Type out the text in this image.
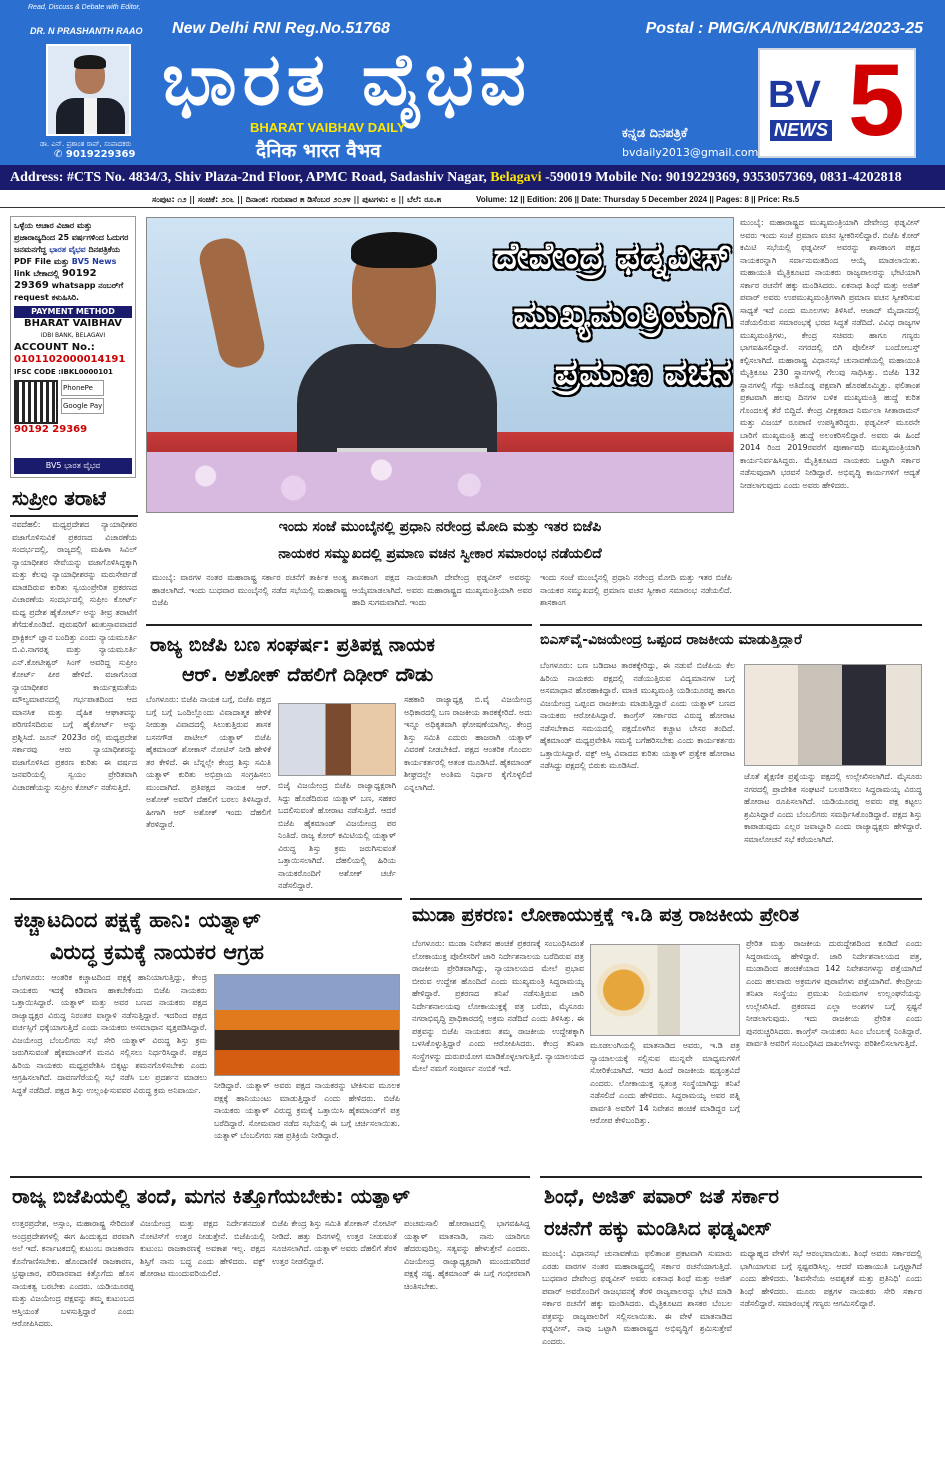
Read, Discuss & Debate with Editor,
DR. N PRASHANTH RAAO
ಡಾ. ಎನ್. ಪ್ರಶಾಂತ ರಾವ್, ಸಂಪಾದಕರು
✆ 9019229369
New Delhi RNI Reg.No.51768	Postal : PMG/KA/NK/BM/124/2023-25
ಭಾರತ ವೈಭವ
BHARAT VAIBHAV DAILY
दैनिक भारत वैभव
ಕನ್ನಡ ದಿನಪತ್ರಿಕೆ
bvdaily2013@gmail.com
BV 5
NEWS
Address: #CTS No. 4834/3, Shiv Plaza-2nd Floor, APMC Road, Sadashiv Nagar, Belagavi -590019 Mobile No: 9019229369, 9353057369, 0831-4202818
ಸಂಪುಟ: ೧೨ || ಸಂಚಿಕೆ: ೨೦೬ || ದಿನಾಂಕ: ಗುರುವಾರ ೫ ಡಿಸೆಂಬರ ೨೦೨೪ || ಪುಟಗಳು: ೮ || ಬೆಲೆ: ರೂ.೫	Volume: 12 || Edition: 206 || Date: Thursday 5 December 2024 || Pages: 8 || Price: Rs.5
ಒಳ್ಳೆಯ ಆಚಾರ ವಿಚಾರ ಮತ್ತು ಪ್ರಜಾರಾಜ್ಯದಿಂದ 25 ವರ್ಷಗಳಿಂದ ಓದುಗರ ಜನಮನಗೆದ್ದ ಭಾರತ ವೈಭವ ದಿನಪತ್ರಿಕೆಯ PDF File ಮತ್ತು BV5 News link ಬೇಕಾದಲ್ಲಿ 90192 29369 whatsapp ನಂಬರ್‌ಗೆ request ಕಳುಹಿಸಿರಿ.
PAYMENT METHOD
BHARAT VAIBHAV
IDBI BANK, BELAGAVI
ACCOUNT No.:
0101102000014191
IFSC CODE :IBKL0000101
PhonePe
Google Pay
90192 29369
BV5 ಭಾರತ ವೈಭವ
ದೇವೇಂದ್ರ ಫಡ್ನವೀಸ್
ಮುಖ್ಯಮಂತ್ರಿಯಾಗಿ
ಪ್ರಮಾಣ ವಚನ
ಇಂದು ಸಂಜೆ ಮುಂಬೈನಲ್ಲಿ ಪ್ರಧಾನಿ ನರೇಂದ್ರ ಮೋದಿ ಮತ್ತು ಇತರ ಬಿಜೆಪಿ
ನಾಯಕರ ಸಮ್ಮುಖದಲ್ಲಿ ಪ್ರಮಾಣ ವಚನ ಸ್ವೀಕಾರ ಸಮಾರಂಭ ನಡೆಯಲಿದೆ
ಮುಂಬೈ: ಮಹಾರಾಷ್ಟ್ರದ ಮುಖ್ಯಮಂತ್ರಿಯಾಗಿ ದೇವೇಂದ್ರ ಫಡ್ನವೀಸ್ ಅವರು ಇಂದು ಸಂಜೆ ಪ್ರಮಾಣ ವಚನ ಸ್ವೀಕರಿಸಲಿದ್ದಾರೆ. ಬಿಜೆಪಿ ಕೋರ್ ಕಮಿಟಿ ಸಭೆಯಲ್ಲಿ ಫಡ್ನವೀಸ್ ಅವರನ್ನು ಶಾಸಕಾಂಗ ಪಕ್ಷದ ನಾಯಕರನ್ನಾಗಿ ಸರ್ವಾನುಮತದಿಂದ ಆಯ್ಕೆ ಮಾಡಲಾಯಿತು. ಮಹಾಯುತಿ ಮೈತ್ರಿಕೂಟದ ನಾಯಕರು ರಾಜ್ಯಪಾಲರನ್ನು ಭೇಟಿಯಾಗಿ ಸರ್ಕಾರ ರಚನೆಗೆ ಹಕ್ಕು ಮಂಡಿಸಿದರು. ಏಕನಾಥ ಶಿಂಧೆ ಮತ್ತು ಅಜಿತ್ ಪವಾರ್ ಅವರು ಉಪಮುಖ್ಯಮಂತ್ರಿಗಳಾಗಿ ಪ್ರಮಾಣ ವಚನ ಸ್ವೀಕರಿಸುವ ಸಾಧ್ಯತೆ ಇದೆ ಎಂದು ಮೂಲಗಳು ತಿಳಿಸಿವೆ. ಆಜಾದ್ ಮೈದಾನದಲ್ಲಿ ನಡೆಯಲಿರುವ ಸಮಾರಂಭಕ್ಕೆ ಭರದ ಸಿದ್ಧತೆ ನಡೆದಿದೆ. ವಿವಿಧ ರಾಜ್ಯಗಳ ಮುಖ್ಯಮಂತ್ರಿಗಳು, ಕೇಂದ್ರ ಸಚಿವರು ಹಾಗೂ ಗಣ್ಯರು ಭಾಗವಹಿಸಲಿದ್ದಾರೆ. ನಗರದಲ್ಲಿ ಬಿಗಿ ಪೊಲೀಸ್ ಬಂದೋಬಸ್ತ್ ಕಲ್ಪಿಸಲಾಗಿದೆ. ಮಹಾರಾಷ್ಟ್ರ ವಿಧಾನಸಭೆ ಚುನಾವಣೆಯಲ್ಲಿ ಮಹಾಯುತಿ ಮೈತ್ರಿಕೂಟ 230 ಸ್ಥಾನಗಳಲ್ಲಿ ಗೆಲುವು ಸಾಧಿಸಿತ್ತು. ಬಿಜೆಪಿ 132 ಸ್ಥಾನಗಳಲ್ಲಿ ಗೆದ್ದು ಅತಿದೊಡ್ಡ ಪಕ್ಷವಾಗಿ ಹೊರಹೊಮ್ಮಿತ್ತು. ಫಲಿತಾಂಶ ಪ್ರಕಟವಾಗಿ ಹಲವು ದಿನಗಳ ಬಳಿಕ ಮುಖ್ಯಮಂತ್ರಿ ಹುದ್ದೆ ಕುರಿತ ಗೊಂದಲಕ್ಕೆ ತೆರೆ ಬಿದ್ದಿದೆ. ಕೇಂದ್ರ ವೀಕ್ಷಕರಾದ ನಿರ್ಮಲಾ ಸೀತಾರಾಮನ್ ಮತ್ತು ವಿಜಯ್ ರೂಪಾಣಿ ಉಪಸ್ಥಿತರಿದ್ದರು. ಫಡ್ನವೀಸ್ ಮೂರನೇ ಬಾರಿಗೆ ಮುಖ್ಯಮಂತ್ರಿ ಹುದ್ದೆ ಅಲಂಕರಿಸಲಿದ್ದಾರೆ. ಅವರು ಈ ಹಿಂದೆ 2014 ರಿಂದ 2019ರವರೆಗೆ ಪೂರ್ಣಾವಧಿ ಮುಖ್ಯಮಂತ್ರಿಯಾಗಿ ಕಾರ್ಯನಿರ್ವಹಿಸಿದ್ದರು. ಮೈತ್ರಿಕೂಟದ ನಾಯಕರು ಒಟ್ಟಾಗಿ ಸರ್ಕಾರ ನಡೆಸುವುದಾಗಿ ಭರವಸೆ ನೀಡಿದ್ದಾರೆ. ಅಭಿವೃದ್ಧಿ ಕಾರ್ಯಗಳಿಗೆ ಆದ್ಯತೆ ನೀಡಲಾಗುವುದು ಎಂದು ಅವರು ಹೇಳಿದರು.
ಮುಂಬೈ: ವಾರಗಳ ನಂತರ ಮಹಾರಾಷ್ಟ್ರ ಸರ್ಕಾರ ರಚನೆಗೆ ತಾರ್ಕಿಕ ಅಂತ್ಯ ಹಾಡಲಾಗಿದೆ. ಇಂದು ಬುಧವಾರ ಮುಂಬೈನಲ್ಲಿ ನಡೆದ ಸಭೆಯಲ್ಲಿ ಮಹಾರಾಷ್ಟ್ರ ಬಿಜೆಪಿ
ಶಾಸಕಾಂಗ ಪಕ್ಷದ ನಾಯಕರಾಗಿ ದೇವೇಂದ್ರ ಫಡ್ನವೀಸ್ ಅವರನ್ನು ಆಯ್ಕೆಮಾಡಲಾಗಿದೆ. ಅವರು ಮಹಾರಾಷ್ಟ್ರದ ಮುಖ್ಯಮಂತ್ರಿಯಾಗಿ ಅವರ ಹಾದಿ ಸುಗಮವಾಗಿದೆ. ಇಂದು
ಇಂದು ಸಂಜೆ ಮುಂಬೈನಲ್ಲಿ ಪ್ರಧಾನಿ ನರೇಂದ್ರ ಮೋದಿ ಮತ್ತು ಇತರ ಬಿಜೆಪಿ ನಾಯಕರ ಸಮ್ಮುಖದಲ್ಲಿ ಪ್ರಮಾಣ ವಚನ ಸ್ವೀಕಾರ ಸಮಾರಂಭ ನಡೆಯಲಿದೆ. ಶಾಸಕಾಂಗ
ಸುಪ್ರೀಂ ತರಾಟೆ
ನವದೆಹಲಿ: ಮಧ್ಯಪ್ರದೇಶದ ನ್ಯಾಯಾಧೀಶರ ವಜಾಗೊಳಿಸುವಿಕೆ ಪ್ರಕರಣದ ವಿಚಾರಣೆಯ ಸಂದರ್ಭದಲ್ಲಿ, ರಾಜ್ಯದಲ್ಲಿ ಮಹಿಳಾ ಸಿವಿಲ್ ನ್ಯಾಯಾಧೀಶರ ಸೇವೆಯನ್ನು ವಜಾಗೊಳಿಸಿದ್ದಕ್ಕಾಗಿ ಮತ್ತು ಕೆಲವು ನ್ಯಾಯಾಧೀಶರನ್ನು ಮರುಸೇರ್ಪಡೆ ಮಾಡದಿರುವ ಕುರಿತು ಸ್ವಯಂಪ್ರೇರಿತ ಪ್ರಕರಣದ ವಿಚಾರಣೆಯ ಸಂದರ್ಭದಲ್ಲಿ ಸುಪ್ರೀಂ ಕೋರ್ಟ್ ಮಧ್ಯ ಪ್ರದೇಶ ಹೈಕೋರ್ಟ್ ಅನ್ನು ತೀವ್ರ ತರಾಟೆಗೆ ತೆಗೆದುಕೊಂಡಿದೆ. ಪುರುಷರಿಗೆ ಋತುಸ್ರಾವವಾದರೆ ಪ್ರಾಕ್ಟಿಕಲ್ ಜ್ಞಾನ ಬಂದಿತ್ತು ಎಂದು ನ್ಯಾಯಮೂರ್ತಿ ಬಿ.ವಿ.ನಾಗರತ್ನ ಮತ್ತು ನ್ಯಾಯಮೂರ್ತಿ ಎನ್.ಕೋಟೀಶ್ವರ್ ಸಿಂಗ್ ಅವರಿದ್ದ ಸುಪ್ರೀಂ ಕೋರ್ಟ್ ಪೀಠ ಹೇಳಿದೆ. ವಜಾಗೊಂಡ ನ್ಯಾಯಾಧೀಶರ ಕಾರ್ಯಕ್ಷಮತೆಯ ಮೌಲ್ಯಮಾಪನದಲ್ಲಿ ಗರ್ಭಪಾತದಿಂದ ಆದ ಮಾನಸಿಕ ಮತ್ತು ದೈಹಿಕ ಆಘಾತವನ್ನು ಪರಿಗಣಿಸದಿರುವ ಬಗ್ಗೆ ಹೈಕೋರ್ಟ್ ಅನ್ನು ಪ್ರಶ್ನಿಸಿದೆ. ಜೂನ್ 2023ರ ರಲ್ಲಿ ಮಧ್ಯಪ್ರದೇಶ ಸರ್ಕಾರವು ಆರು ನ್ಯಾಯಾಧೀಶರನ್ನು ವಜಾಗೊಳಿಸಿದ ಪ್ರಕರಣ ಕುರಿತು ಈ ವರ್ಷದ ಜನವರಿಯಲ್ಲಿ ಸ್ವಯಂ ಪ್ರೇರಿತವಾಗಿ ವಿಚಾರಣೆಯನ್ನು ಸುಪ್ರೀಂ ಕೋರ್ಟ್ ನಡೆಸುತ್ತಿದೆ.
ರಾಜ್ಯ ಬಿಜೆಪಿ ಬಣ ಸಂಘರ್ಷ: ಪ್ರತಿಪಕ್ಷ ನಾಯಕ
ಆರ್. ಅಶೋಕ್ ದೆಹಲಿಗೆ ದಿಢೀರ್ ದೌಡು
ಬೆಂಗಳೂರು: ಬಿಜೆಪಿ ನಾಯಕ ಬಗ್ಗೆ, ಬಿಜೆಪಿ ಪಕ್ಷದ ಬಗ್ಗೆ ಬಗ್ಗೆ ಒಂದಿಲ್ಲೊಂದು ವಿವಾದಾತ್ಮಕ ಹೇಳಿಕೆ ನೀಡುತ್ತಾ ವಿವಾದದಲ್ಲಿ ಸಿಲುಕುತ್ತಿರುವ ಶಾಸಕ ಬಸನಗೌಡ ಪಾಟೀಲ್ ಯತ್ನಾಳ್ ಬಿಜೆಪಿ ಹೈಕಮಾಂಡ್ ಶೋಕಾಸ್ ನೋಟಿಸ್ ನೀಡಿ ಹೇಳಿಕೆ ತರ ಕೇಳಿದೆ. ಈ ಬೆನ್ನಲ್ಲೇ ಕೇಂದ್ರ ಶಿಸ್ತು ಸಮಿತಿ ಯತ್ನಾಳ್ ಕುರಿತು ಅಭಿಪ್ರಾಯ ಸಂಗ್ರಹಿಸಲು ಮುಂದಾಗಿದೆ. ಪ್ರತಿಪಕ್ಷದ ನಾಯಕ ಆರ್. ಅಶೋಕ್ ಅವರಿಗೆ ದೆಹಲಿಗೆ ಬರಲು ತಿಳಿಸಿದ್ದಾರೆ. ಹೀಗಾಗಿ ಆರ್ ಅಶೋಕ್ ಇಂದು ದೆಹಲಿಗೆ ತೆರಳಿದ್ದಾರೆ.
ಬಿಜೈ ವಿಜಯೇಂದ್ರ ಬಿಜೆಪಿ ರಾಜ್ಯಾಧ್ಯಕ್ಷರಾಗಿ ಸಿದ್ದು ಹೊಡೆದಿರುವ ಯತ್ನಾಳ್ ಬಣ, ಸಹಕರ ಬದಲಿಸುವಂತೆ ಹೋರಾಟ ನಡೆಸುತ್ತಿದೆ. ಆದರೆ ಬಿಜೆಪಿ ಹೈಕಮಾಂಡ್ ವಿಜಯೇಂದ್ರ ಪರ ನಿಂತಿದೆ. ರಾಜ್ಯ ಕೋರ್ ಕಮಿಟಿಯಲ್ಲಿ ಯತ್ನಾಳ್ ವಿರುದ್ಧ ಶಿಸ್ತು ಕ್ರಮ ಜರುಗಿಸುವಂತೆ ಒತ್ತಾಯಿಸಲಾಗಿದೆ. ದೆಹಲಿಯಲ್ಲಿ ಹಿರಿಯ ನಾಯಕರೊಂದಿಗೆ ಅಶೋಕ್ ಚರ್ಚೆ ನಡೆಸಲಿದ್ದಾರೆ.
ಸಹಕಾರಿ ರಾಜ್ಯಾಧ್ಯಕ್ಷ ಬಿ.ವೈ ವಿಜಯೇಂದ್ರ ಅಧಿಕಾರದಲ್ಲಿ ಬಣ ರಾಜಕೀಯ ತಾರಕಕ್ಕೇರಿದೆ. ಅದು ಇನ್ನೂ ಅಧಿಕೃತವಾಗಿ ಘೋಷಣೆಯಾಗಿಲ್ಲ. ಕೇಂದ್ರ ಶಿಸ್ತು ಸಮಿತಿ ಎದುರು ಹಾಜರಾಗಿ ಯತ್ನಾಳ್ ವಿವರಣೆ ನೀಡಬೇಕಿದೆ. ಪಕ್ಷದ ಆಂತರಿಕ ಗೊಂದಲ ಕಾರ್ಯಕರ್ತರಲ್ಲಿ ಆತಂಕ ಮೂಡಿಸಿದೆ. ಹೈಕಮಾಂಡ್ ಶೀಘ್ರದಲ್ಲೇ ಅಂತಿಮ ನಿರ್ಧಾರ ಕೈಗೊಳ್ಳಲಿದೆ ಎನ್ನಲಾಗಿದೆ.
ಬಿಎಸ್‌ವೈ-ವಿಜಯೇಂದ್ರ ಒಪ್ಪಂದ ರಾಜಕೀಯ ಮಾಡುತ್ತಿದ್ದಾರೆ
ಬೆಂಗಳೂರು: ಬಣ ಬಡಿದಾಟ ತಾರಕಕ್ಕೇರಿದ್ದು, ಈ ನಡುವೆ ಬಿಜೆಪಿಯ ಕೆಲ ಹಿರಿಯ ನಾಯಕರು ಪಕ್ಷದಲ್ಲಿ ನಡೆಯುತ್ತಿರುವ ವಿದ್ಯಮಾನಗಳ ಬಗ್ಗೆ ಅಸಮಾಧಾನ ಹೊರಹಾಕಿದ್ದಾರೆ. ಮಾಜಿ ಮುಖ್ಯಮಂತ್ರಿ ಯಡಿಯೂರಪ್ಪ ಹಾಗೂ ವಿಜಯೇಂದ್ರ ಒಪ್ಪಂದ ರಾಜಕೀಯ ಮಾಡುತ್ತಿದ್ದಾರೆ ಎಂದು ಯತ್ನಾಳ್ ಬಣದ ನಾಯಕರು ಆರೋಪಿಸಿದ್ದಾರೆ. ಕಾಂಗ್ರೆಸ್ ಸರ್ಕಾರದ ವಿರುದ್ಧ ಹೋರಾಟ ನಡೆಸಬೇಕಾದ ಸಮಯದಲ್ಲಿ ಪಕ್ಷದೊಳಗಿನ ಕಚ್ಚಾಟ ಬೇಸರ ತಂದಿದೆ. ಹೈಕಮಾಂಡ್ ಮಧ್ಯಪ್ರವೇಶಿಸಿ ಸಮಸ್ಯೆ ಬಗೆಹರಿಸಬೇಕು ಎಂದು ಕಾರ್ಯಕರ್ತರು ಒತ್ತಾಯಿಸಿದ್ದಾರೆ. ವಕ್ಫ್ ಆಸ್ತಿ ವಿವಾದದ ಕುರಿತು ಯತ್ನಾಳ್ ಪ್ರತ್ಯೇಕ ಹೋರಾಟ ನಡೆಸಿದ್ದು ಪಕ್ಷದಲ್ಲಿ ಬಿರುಕು ಮೂಡಿಸಿದೆ.
ಜೊತೆ ಶೈಕ್ಷಣಿಕ ಪ್ರಶ್ನೆಯನ್ನು ಪಕ್ಷದಲ್ಲಿ ಉಲ್ಲೇಖಿಸಲಾಗಿದೆ. ಮೈಸೂರು ನಗರದಲ್ಲಿ ಪ್ರಾದೇಶಿಕ ಸಂಘಟನೆ ಬಲಪಡಿಸಲು ಸಿದ್ಧರಾಮಯ್ಯ ವಿರುದ್ಧ ಹೋರಾಟ ರೂಪಿಸಲಾಗಿದೆ. ಯಡಿಯೂರಪ್ಪ ಅವರು ಪಕ್ಷ ಕಟ್ಟಲು ಶ್ರಮಿಸಿದ್ದಾರೆ ಎಂದು ಬೆಂಬಲಿಗರು ಸಮರ್ಥಿಸಿಕೊಂಡಿದ್ದಾರೆ. ಪಕ್ಷದ ಶಿಸ್ತು ಕಾಪಾಡುವುದು ಎಲ್ಲರ ಜವಾಬ್ದಾರಿ ಎಂದು ರಾಜ್ಯಾಧ್ಯಕ್ಷರು ಹೇಳಿದ್ದಾರೆ. ಸಮಾಲೋಚನೆ ಸಭೆ ಕರೆಯಲಾಗಿದೆ.
ಕಚ್ಚಾಟದಿಂದ ಪಕ್ಷಕ್ಕೆ ಹಾನಿ: ಯತ್ನಾಳ್
ವಿರುದ್ಧ ಕ್ರಮಕ್ಕೆ ನಾಯಕರ ಆಗ್ರಹ
ಬೆಂಗಳೂರು: ಆಂತರಿಕ ಕಚ್ಚಾಟದಿಂದ ಪಕ್ಷಕ್ಕೆ ಹಾನಿಯಾಗುತ್ತಿದ್ದು, ಕೇಂದ್ರ ನಾಯಕರು ಇದಕ್ಕೆ ಕಡಿವಾಣ ಹಾಕಬೇಕೆಂದು ಬಿಜೆಪಿ ನಾಯಕರು ಒತ್ತಾಯಿಸಿದ್ದಾರೆ. ಯತ್ನಾಳ್ ಮತ್ತು ಅವರ ಬಣದ ನಾಯಕರು ಪಕ್ಷದ ರಾಜ್ಯಾಧ್ಯಕ್ಷರ ವಿರುದ್ಧ ನಿರಂತರ ವಾಗ್ದಾಳಿ ನಡೆಸುತ್ತಿದ್ದಾರೆ. ಇದರಿಂದ ಪಕ್ಷದ ವರ್ಚಸ್ಸಿಗೆ ಧಕ್ಕೆಯಾಗುತ್ತಿದೆ ಎಂದು ನಾಯಕರು ಅಸಮಾಧಾನ ವ್ಯಕ್ತಪಡಿಸಿದ್ದಾರೆ. ವಿಜಯೇಂದ್ರ ಬೆಂಬಲಿಗರು ಸಭೆ ಸೇರಿ ಯತ್ನಾಳ್ ವಿರುದ್ಧ ಶಿಸ್ತು ಕ್ರಮ ಜರುಗಿಸುವಂತೆ ಹೈಕಮಾಂಡ್‌ಗೆ ಮನವಿ ಸಲ್ಲಿಸಲು ನಿರ್ಧರಿಸಿದ್ದಾರೆ. ಪಕ್ಷದ ಹಿರಿಯ ನಾಯಕರು ಮಧ್ಯಪ್ರವೇಶಿಸಿ ಬಿಕ್ಕಟ್ಟು ಶಮನಗೊಳಿಸಬೇಕು ಎಂದು ಆಗ್ರಹಿಸಲಾಗಿದೆ. ದಾವಣಗೆರೆಯಲ್ಲಿ ಸಭೆ ನಡೆಸಿ ಬಲ ಪ್ರದರ್ಶನ ಮಾಡಲು ಸಿದ್ಧತೆ ನಡೆದಿದೆ. ಪಕ್ಷದ ಶಿಸ್ತು ಉಲ್ಲಂಘಿಸುವವರ ವಿರುದ್ಧ ಕ್ರಮ ಅನಿವಾರ್ಯ.	ನೀಡಿದ್ದಾರೆ. ಯತ್ನಾಳ್ ಅವರು ಪಕ್ಷದ ನಾಯಕರನ್ನು ಟೀಕಿಸುವ ಮೂಲಕ ಪಕ್ಷಕ್ಕೆ ಹಾನಿಯುಂಟು ಮಾಡುತ್ತಿದ್ದಾರೆ ಎಂದು ಹೇಳಿದರು. ಬಿಜೆಪಿ ನಾಯಕರು ಯತ್ನಾಳ್ ವಿರುದ್ಧ ಕ್ರಮಕ್ಕೆ ಒತ್ತಾಯಿಸಿ ಹೈಕಮಾಂಡ್‌ಗೆ ಪತ್ರ ಬರೆದಿದ್ದಾರೆ. ಸೋಮವಾರ ನಡೆದ ಸಭೆಯಲ್ಲಿ ಈ ಬಗ್ಗೆ ಚರ್ಚಿಸಲಾಯಿತು. ಯತ್ನಾಳ್ ಬೆಂಬಲಿಗರು ಸಹ ಪ್ರತಿಕ್ರಿಯೆ ನೀಡಿದ್ದಾರೆ.
ಮುಡಾ ಪ್ರಕರಣ: ಲೋಕಾಯುಕ್ತಕ್ಕೆ ಇ.ಡಿ ಪತ್ರ ರಾಜಕೀಯ ಪ್ರೇರಿತ
ಬೆಂಗಳೂರು: ಮುಡಾ ನಿವೇಶನ ಹಂಚಿಕೆ ಪ್ರಕರಣಕ್ಕೆ ಸಂಬಂಧಿಸಿದಂತೆ ಲೋಕಾಯುಕ್ತ ಪೊಲೀಸರಿಗೆ ಜಾರಿ ನಿರ್ದೇಶನಾಲಯ ಬರೆದಿರುವ ಪತ್ರ ರಾಜಕೀಯ ಪ್ರೇರಿತವಾಗಿದ್ದು, ನ್ಯಾಯಾಲಯದ ಮೇಲೆ ಪ್ರಭಾವ ಬೀರುವ ಉದ್ದೇಶ ಹೊಂದಿದೆ ಎಂದು ಮುಖ್ಯಮಂತ್ರಿ ಸಿದ್ದರಾಮಯ್ಯ ಹೇಳಿದ್ದಾರೆ. ಪ್ರಕರಣದ ತನಿಖೆ ನಡೆಸುತ್ತಿರುವ ಜಾರಿ ನಿರ್ದೇಶನಾಲಯವು ಲೋಕಾಯುಕ್ತಕ್ಕೆ ಪತ್ರ ಬರೆದು, ಮೈಸೂರು ನಗರಾಭಿವೃದ್ಧಿ ಪ್ರಾಧಿಕಾರದಲ್ಲಿ ಅಕ್ರಮ ನಡೆದಿದೆ ಎಂದು ತಿಳಿಸಿತ್ತು. ಈ ಪತ್ರವನ್ನು ಬಿಜೆಪಿ ನಾಯಕರು ತಮ್ಮ ರಾಜಕೀಯ ಉದ್ದೇಶಕ್ಕಾಗಿ ಬಳಸಿಕೊಳ್ಳುತ್ತಿದ್ದಾರೆ ಎಂದು ಆರೋಪಿಸಿದರು. ಕೇಂದ್ರ ತನಿಖಾ ಸಂಸ್ಥೆಗಳನ್ನು ದುರುಪಯೋಗ ಮಾಡಿಕೊಳ್ಳಲಾಗುತ್ತಿದೆ. ನ್ಯಾಯಾಲಯದ ಮೇಲೆ ನಮಗೆ ಸಂಪೂರ್ಣ ನಂಬಿಕೆ ಇದೆ.
ಮೂಡಲಂಗಿಯಲ್ಲಿ ಮಾತನಾಡಿದ ಅವರು, ಇ.ಡಿ ಪತ್ರ ನ್ಯಾಯಾಲಯಕ್ಕೆ ಸಲ್ಲಿಸುವ ಮುನ್ನವೇ ಮಾಧ್ಯಮಗಳಿಗೆ ಸೋರಿಕೆಯಾಗಿದೆ. ಇದರ ಹಿಂದೆ ರಾಜಕೀಯ ಷಡ್ಯಂತ್ರವಿದೆ ಎಂದರು. ಲೋಕಾಯುಕ್ತ ಸ್ವತಂತ್ರ ಸಂಸ್ಥೆಯಾಗಿದ್ದು ತನಿಖೆ ನಡೆಸಲಿದೆ ಎಂದು ಹೇಳಿದರು. ಸಿದ್ದರಾಮಯ್ಯ ಅವರ ಪತ್ನಿ ಪಾರ್ವತಿ ಅವರಿಗೆ 14 ನಿವೇಶನ ಹಂಚಿಕೆ ಮಾಡಿದ್ದರ ಬಗ್ಗೆ ಆರೋಪ ಕೇಳಿಬಂದಿತ್ತು.
ಪ್ರೇರಿತ ಮತ್ತು ರಾಜಕೀಯ ದುರುದ್ದೇಶದಿಂದ ಕೂಡಿದೆ ಎಂದು ಸಿದ್ದರಾಮಯ್ಯ ಹೇಳಿದ್ದಾರೆ. ಜಾರಿ ನಿರ್ದೇಶನಾಲಯದ ಪತ್ರ, ಮುಡಾದಿಂದ ಹಂಚಿಕೆಯಾದ 142 ನಿವೇಶನಗಳನ್ನು ಪತ್ತೆಯಾಗಿದೆ ಎಂದು ಹಲವಾರು ಅಕ್ರಮಗಳ ಪುರಾವೆಗಳು ಪತ್ತೆಯಾಗಿವೆ. ಕೇಂದ್ರೀಯ ತನಿಖಾ ಸಂಸ್ಥೆಯು ಪ್ರಮುಖ ನಿಯಮಗಳ ಉಲ್ಲಂಘನೆಯನ್ನು ಉಲ್ಲೇಖಿಸಿದೆ. ಪ್ರಕರಣದ ಎಲ್ಲಾ ಅಂಶಗಳ ಬಗ್ಗೆ ಸ್ಪಷ್ಟನೆ ನೀಡಲಾಗುವುದು. ಇದು ರಾಜಕೀಯ ಪ್ರೇರಿತ ಎಂದು ಪುನರುಚ್ಚರಿಸಿದರು. ಕಾಂಗ್ರೆಸ್ ನಾಯಕರು ಸಿಎಂ ಬೆಂಬಲಕ್ಕೆ ನಿಂತಿದ್ದಾರೆ. ಪಾರ್ವತಿ ಅವರಿಗೆ ಸಂಬಂಧಿಸಿದ ದಾಖಲೆಗಳನ್ನು ಪರಿಶೀಲಿಸಲಾಗುತ್ತಿದೆ.
ರಾಜ್ಯ ಬಿಜೆಪಿಯಲ್ಲಿ ತಂದೆ, ಮಗನ ಕಿತ್ತೊಗೆಯಬೇಕು: ಯತ್ನಾಳ್
ಉತ್ತರಪ್ರದೇಶ, ಅಸ್ಸಾಂ, ಮಹಾರಾಷ್ಟ್ರ ಸೇರಿದಂತೆ ಅಂದ್ರಪ್ರದೇಶಗಳಲ್ಲಿ ಈಗ ಹಿಂದುತ್ವದ ಪರವಾಗಿ ಅಲೆ ಇದೆ. ಕರ್ನಾಟಕದಲ್ಲಿ ಕುಟುಂಬ ರಾಜಕಾರಣ ಕೊನೆಗಾಣಿಸಬೇಕು. ಹೊಂದಾಣಿಕೆ ರಾಜಕಾರಣ, ಭ್ರಷ್ಟಾಚಾರ, ಪರಿವಾರವಾದ ಕಿತ್ತೊಗೆದು ಹೊಸ ನಾಯಕತ್ವ ಬರಬೇಕು ಎಂದರು. ಯಡಿಯೂರಪ್ಪ ಮತ್ತು ವಿಜಯೇಂದ್ರ ಪಕ್ಷವನ್ನು ತಮ್ಮ ಕುಟುಂಬದ ಆಸ್ತಿಯಂತೆ ಬಳಸುತ್ತಿದ್ದಾರೆ ಎಂದು ಆರೋಪಿಸಿದರು.
ವಿಜಯೇಂದ್ರ ಮತ್ತು ಪಕ್ಷದ ನಿರ್ದೇಶನದಂತೆ ನೋಟಿಸ್‌ಗೆ ಉತ್ತರ ನೀಡುತ್ತೇನೆ. ಬಿಜೆಪಿಯಲ್ಲಿ ಕುಟುಂಬ ರಾಜಕಾರಣಕ್ಕೆ ಅವಕಾಶ ಇಲ್ಲ. ಪಕ್ಷದ ಶಿಸ್ತಿಗೆ ನಾನು ಬದ್ಧ ಎಂದು ಹೇಳಿದರು. ವಕ್ಫ್ ಹೋರಾಟ ಮುಂದುವರಿಯಲಿದೆ.
ಬಿಜೆಪಿ ಕೇಂದ್ರ ಶಿಸ್ತು ಸಮಿತಿ ಶೋಕಾಸ್ ನೋಟಿಸ್ ನೀಡಿದೆ. ಹತ್ತು ದಿನಗಳಲ್ಲಿ ಉತ್ತರ ನೀಡುವಂತೆ ಸೂಚಿಸಲಾಗಿದೆ. ಯತ್ನಾಳ್ ಅವರು ದೆಹಲಿಗೆ ತೆರಳಿ ಉತ್ತರ ನೀಡಲಿದ್ದಾರೆ.
ಪಂಚಮಸಾಲಿ ಹೋರಾಟದಲ್ಲಿ ಭಾಗವಹಿಸಿದ್ದ ಯತ್ನಾಳ್ ಮಾತನಾಡಿ, ನಾನು ಯಾರಿಗೂ ಹೆದರುವುದಿಲ್ಲ. ಸತ್ಯವನ್ನು ಹೇಳುತ್ತೇನೆ ಎಂದರು. ವಿಜಯೇಂದ್ರ ರಾಜ್ಯಾಧ್ಯಕ್ಷರಾಗಿ ಮುಂದುವರಿದರೆ ಪಕ್ಷಕ್ಕೆ ನಷ್ಟ. ಹೈಕಮಾಂಡ್ ಈ ಬಗ್ಗೆ ಗಂಭೀರವಾಗಿ ಚಿಂತಿಸಬೇಕು.
ಶಿಂಧೆ, ಅಜಿತ್ ಪವಾರ್ ಜತೆ ಸರ್ಕಾರ
ರಚನೆಗೆ ಹಕ್ಕು ಮಂಡಿಸಿದ ಫಡ್ನವೀಸ್
ಮುಂಬೈ: ವಿಧಾನಸಭೆ ಚುನಾವಣೆಯ ಫಲಿತಾಂಶ ಪ್ರಕಟವಾಗಿ ಸುಮಾರು ಎರಡು ವಾರಗಳ ನಂತರ ಮಹಾರಾಷ್ಟ್ರದಲ್ಲಿ ಸರ್ಕಾರ ರಚನೆಯಾಗುತ್ತಿದೆ. ಬುಧವಾರ ದೇವೇಂದ್ರ ಫಡ್ನವೀಸ್ ಅವರು ಏಕನಾಥ ಶಿಂಧೆ ಮತ್ತು ಅಜಿತ್ ಪವಾರ್ ಅವರೊಂದಿಗೆ ರಾಜಭವನಕ್ಕೆ ತೆರಳಿ ರಾಜ್ಯಪಾಲರನ್ನು ಭೇಟಿ ಮಾಡಿ ಸರ್ಕಾರ ರಚನೆಗೆ ಹಕ್ಕು ಮಂಡಿಸಿದರು. ಮೈತ್ರಿಕೂಟದ ಶಾಸಕರ ಬೆಂಬಲ ಪತ್ರವನ್ನು ರಾಜ್ಯಪಾಲರಿಗೆ ಸಲ್ಲಿಸಲಾಯಿತು. ಈ ವೇಳೆ ಮಾತನಾಡಿದ ಫಡ್ನವೀಸ್, ನಾವು ಒಟ್ಟಾಗಿ ಮಹಾರಾಷ್ಟ್ರದ ಅಭಿವೃದ್ಧಿಗೆ ಶ್ರಮಿಸುತ್ತೇವೆ ಎಂದರು.
ಮಧ್ಯಾಹ್ನದ ವೇಳೆಗೆ ಸಭೆ ಆರಂಭವಾಯಿತು. ಶಿಂಧೆ ಅವರು ಸರ್ಕಾರದಲ್ಲಿ ಭಾಗಿಯಾಗುವ ಬಗ್ಗೆ ಸ್ಪಷ್ಟಪಡಿಸಿಲ್ಲ. ಆದರೆ ಮಹಾಯುತಿ ಒಗ್ಗಟ್ಟಾಗಿದೆ ಎಂದು ಹೇಳಿದರು. 'ಶಿವಸೇನೆಯ ಅವಶ್ಯಕತೆ ಮತ್ತು ಪ್ರತಿನಿಧಿ' ಎಂದು ಶಿಂಧೆ ಹೇಳಿದರು. ಮೂರು ಪಕ್ಷಗಳ ನಾಯಕರು ಸೇರಿ ಸರ್ಕಾರ ನಡೆಸಲಿದ್ದಾರೆ. ಸಮಾರಂಭಕ್ಕೆ ಗಣ್ಯರು ಆಗಮಿಸಲಿದ್ದಾರೆ.
